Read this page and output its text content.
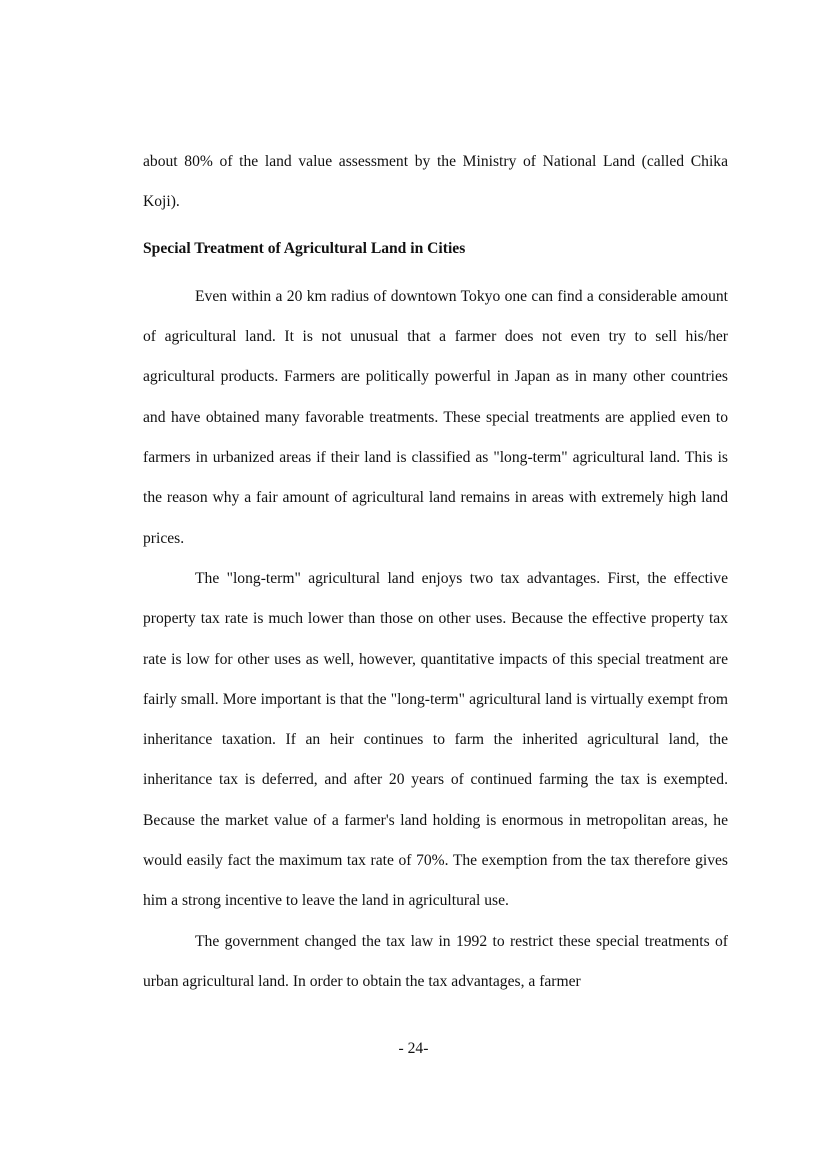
about 80% of the land value assessment by the Ministry of National Land (called Chika Koji).

Special Treatment of Agricultural Land in Cities

Even within a 20 km radius of downtown Tokyo one can find a considerable amount of agricultural land. It is not unusual that a farmer does not even try to sell his/her agricultural products. Farmers are politically powerful in Japan as in many other countries and have obtained many favorable treatments. These special treatments are applied even to farmers in urbanized areas if their land is classified as "long-term" agricultural land. This is the reason why a fair amount of agricultural land remains in areas with extremely high land prices.

The "long-term" agricultural land enjoys two tax advantages. First, the effective property tax rate is much lower than those on other uses. Because the effective property tax rate is low for other uses as well, however, quantitative impacts of this special treatment are fairly small. More important is that the "long-term" agricultural land is virtually exempt from inheritance taxation. If an heir continues to farm the inherited agricultural land, the inheritance tax is deferred, and after 20 years of continued farming the tax is exempted. Because the market value of a farmer's land holding is enormous in metropolitan areas, he would easily fact the maximum tax rate of 70%. The exemption from the tax therefore gives him a strong incentive to leave the land in agricultural use.

The government changed the tax law in 1992 to restrict these special treatments of urban agricultural land. In order to obtain the tax advantages, a farmer

- 24-
